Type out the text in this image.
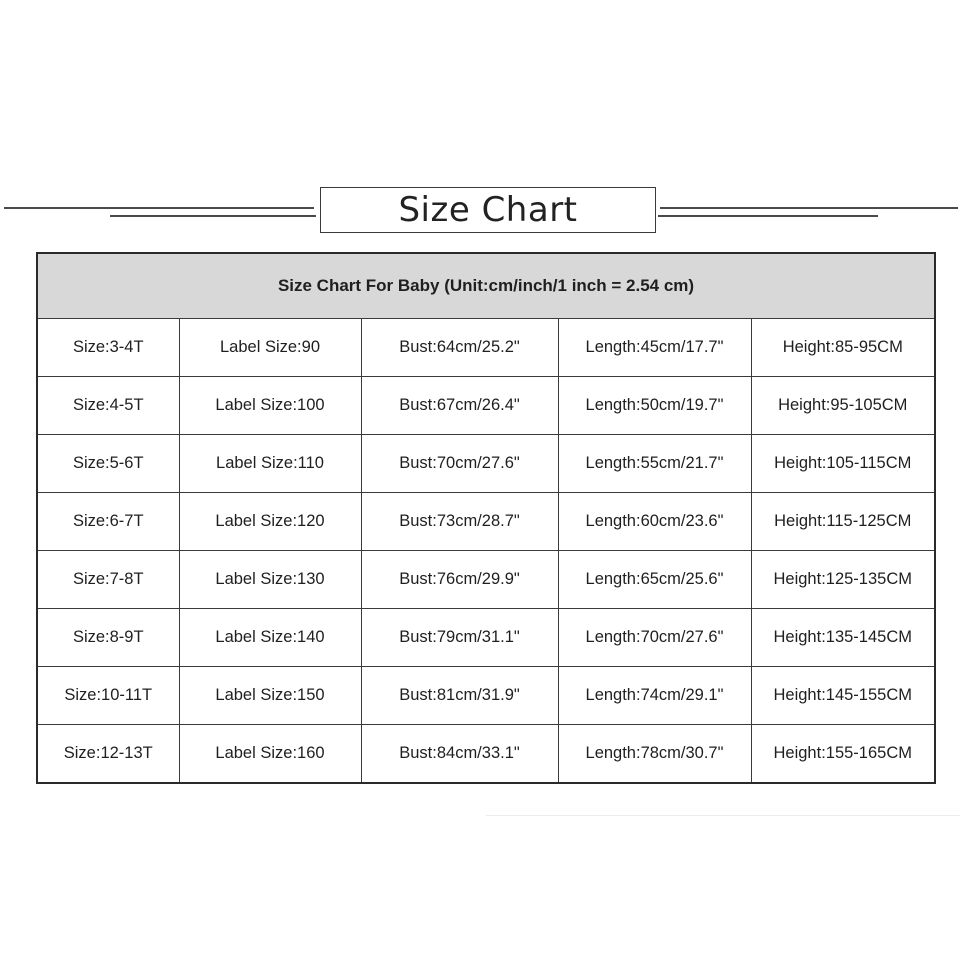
Size Chart
Size Chart For Baby (Unit:cm/inch/1 inch = 2.54 cm)				
Size:3-4T	Label Size:90	Bust:64cm/25.2"	Length:45cm/17.7"	Height:85-95CM
Size:4-5T	Label Size:100	Bust:67cm/26.4"	Length:50cm/19.7"	Height:95-105CM
Size:5-6T	Label Size:110	Bust:70cm/27.6"	Length:55cm/21.7"	Height:105-115CM
Size:6-7T	Label Size:120	Bust:73cm/28.7"	Length:60cm/23.6"	Height:115-125CM
Size:7-8T	Label Size:130	Bust:76cm/29.9"	Length:65cm/25.6"	Height:125-135CM
Size:8-9T	Label Size:140	Bust:79cm/31.1"	Length:70cm/27.6"	Height:135-145CM
Size:10-11T	Label Size:150	Bust:81cm/31.9"	Length:74cm/29.1"	Height:145-155CM
Size:12-13T	Label Size:160	Bust:84cm/33.1"	Length:78cm/30.7"	Height:155-165CM
